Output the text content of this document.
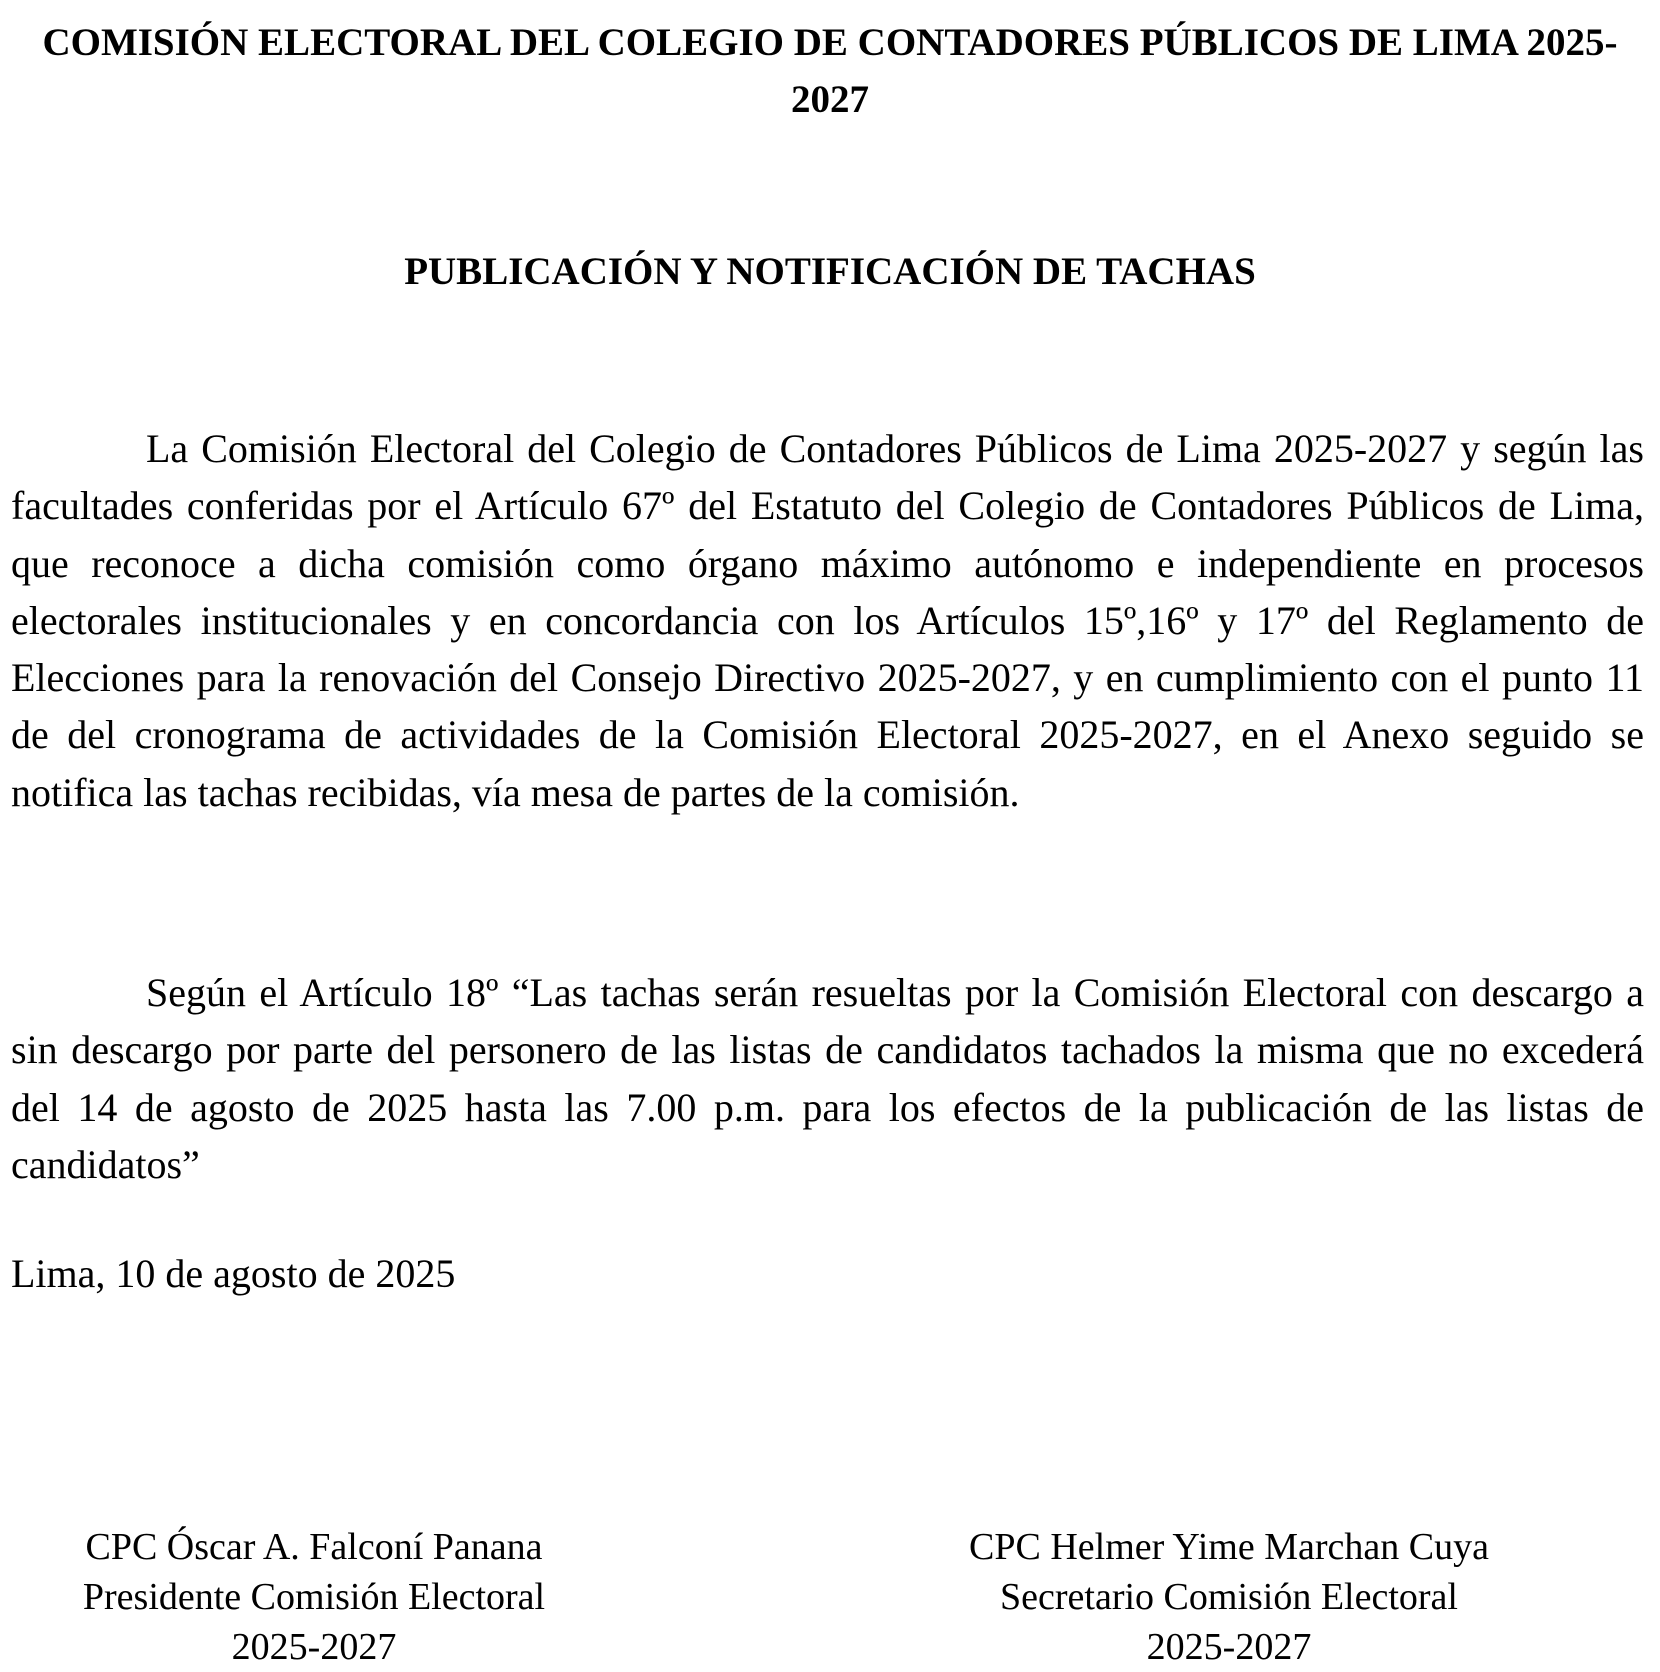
COMISIÓN ELECTORAL DEL COLEGIO DE CONTADORES PÚBLICOS DE LIMA 2025-2027
PUBLICACIÓN Y NOTIFICACIÓN DE TACHAS

La Comisión Electoral del Colegio de Contadores Públicos de Lima 2025-2027 y según las facultades conferidas por el Artículo 67º del Estatuto del Colegio de Contadores Públicos de Lima, que reconoce a dicha comisión como órgano máximo autónomo e independiente en procesos electorales institucionales y en concordancia con los Artículos 15º,16º y 17º del Reglamento de Elecciones para la renovación del Consejo Directivo 2025-2027, y en cumplimiento con el punto 11 de del cronograma de actividades de la Comisión Electoral 2025-2027, en el Anexo seguido se notifica las tachas recibidas, vía mesa de partes de la comisión.

Según el Artículo 18º “Las tachas serán resueltas por la Comisión Electoral con descargo a sin descargo por parte del personero de las listas de candidatos tachados la misma que no excederá del 14 de agosto de 2025 hasta las 7.00 p.m. para los efectos de la publicación de las listas de candidatos”

Lima, 10 de agosto de 2025

CPC Óscar A. Falconí Panana
Presidente Comisión Electoral
2025-2027
CPC Helmer Yime Marchan Cuya
Secretario Comisión Electoral
2025-2027
